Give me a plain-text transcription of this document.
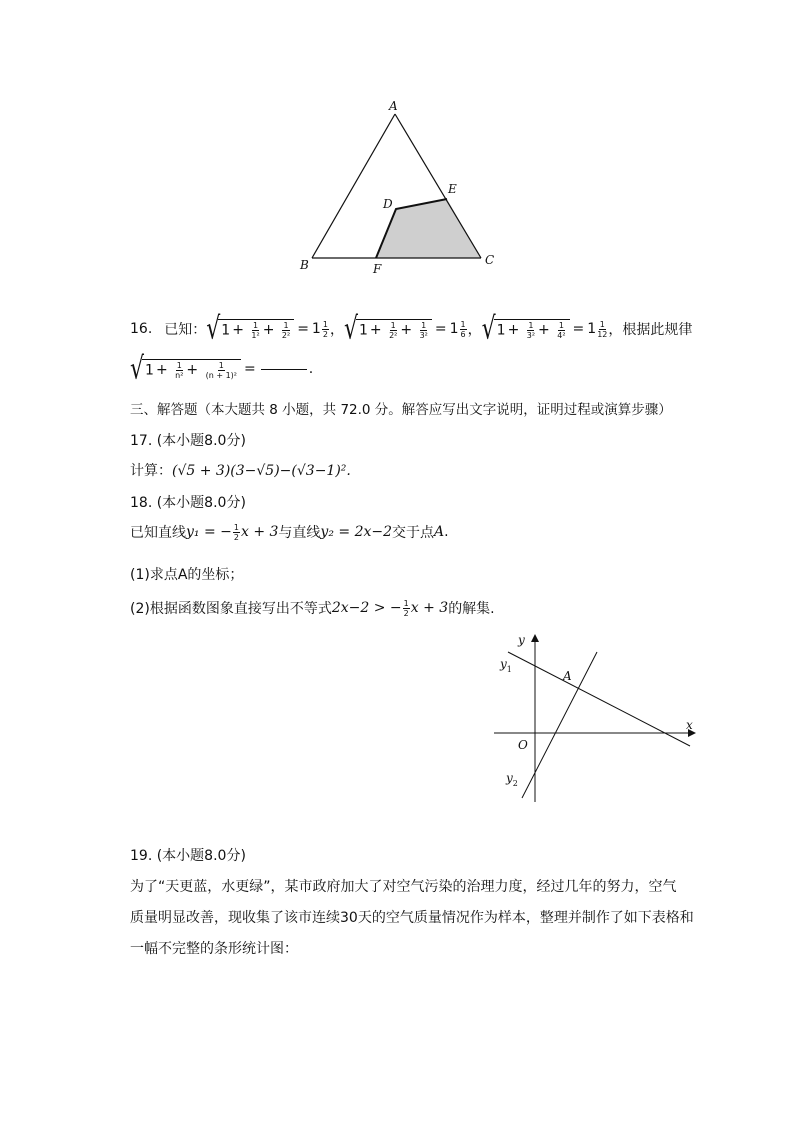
A
B	C
D
E
F
16. 已知： √ $1 + \frac{1}{\text{1²}} + \frac{1}{\text{2²}} = 1 \frac{1}{2}$ ， √ $1 + \frac{1}{\text{2²}} + \frac{1}{\text{3²}} = 1 \frac{1}{6}$ ， √ $1 + \frac{1}{\text{3²}} + \frac{1}{\text{4²}} = 1 \frac{1}{12}$ ，根据此规律
√ $1 + \frac{1}{\text{n²}} + \frac{1}{\text{(n + 1)²}}$ =	.
三、解答题（本大题共 8 小题，共 72.0 分。解答应写出文字说明，证明过程或演算步骤）
17. (本小题8.0分)
计算：(√5 + 3)(3−√5)−(√3−1)².
18. (本小题8.0分)
已知直线 y₁ = − $\frac{1}{2}$ x + 3 与直线 y₂ = 2x−2 交于点 A .
(1)求点A的坐标；
(2)根据函数图象直接写出不等式 2x−2 > − $\frac{1}{2}$ x + 3 的解集.
y
x
O
A
$y_1$
$y_2$
19. (本小题8.0分)
为了“天更蓝，水更绿”，某市政府加大了对空气污染的治理力度，经过几年的努力，空气
质量明显改善，现收集了该市连续30天的空气质量情况作为样本，整理并制作了如下表格和
一幅不完整的条形统计图：
